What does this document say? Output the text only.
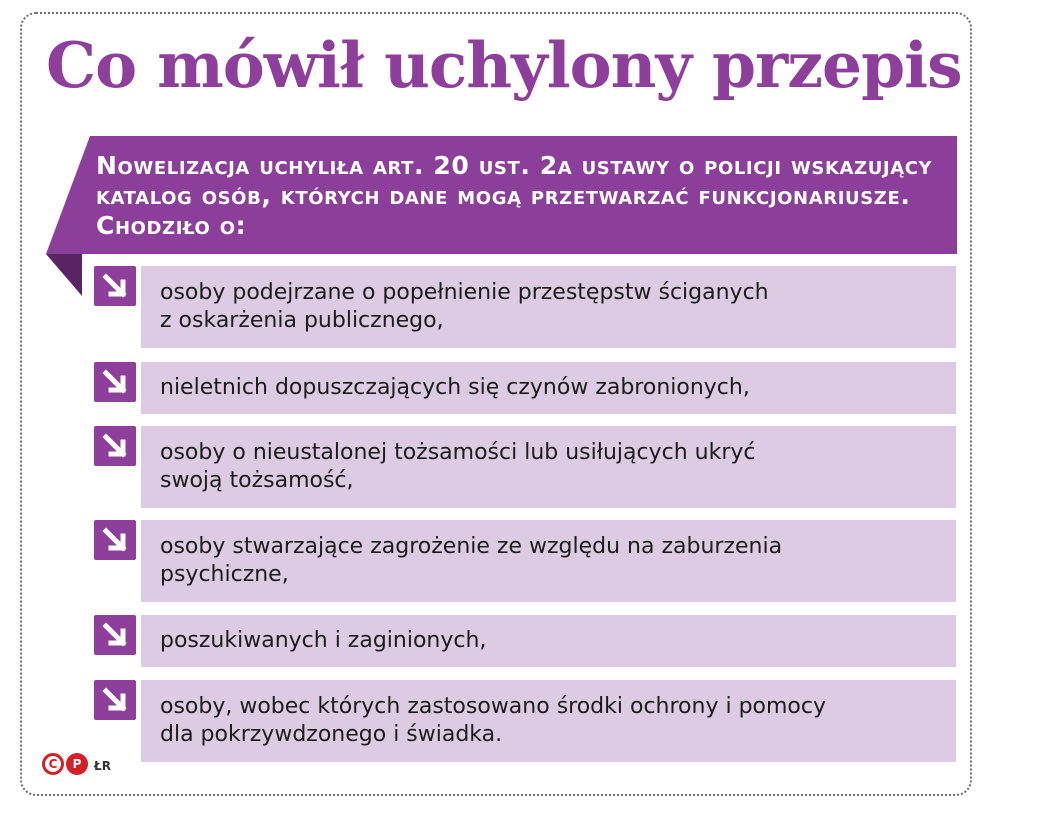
Co mówił uchylony przepis

Nowelizacja uchyliła art. 20 ust. 2a ustawy o policji wskazujący katalog osób, których dane mogą przetwarzać funkcjonariusze. Chodziło o:

osoby podejrzane o popełnienie przestępstw ściganych
z oskarżenia publicznego,
nieletnich dopuszczających się czynów zabronionych,
osoby o nieustalonej tożsamości lub usiłujących ukryć
swoją tożsamość,
osoby stwarzające zagrożenie ze względu na zaburzenia
psychiczne,
poszukiwanych i zaginionych,
osoby, wobec których zastosowano środki ochrony i pomocy
dla pokrzywdzonego i świadka.
C	P	ŁR
